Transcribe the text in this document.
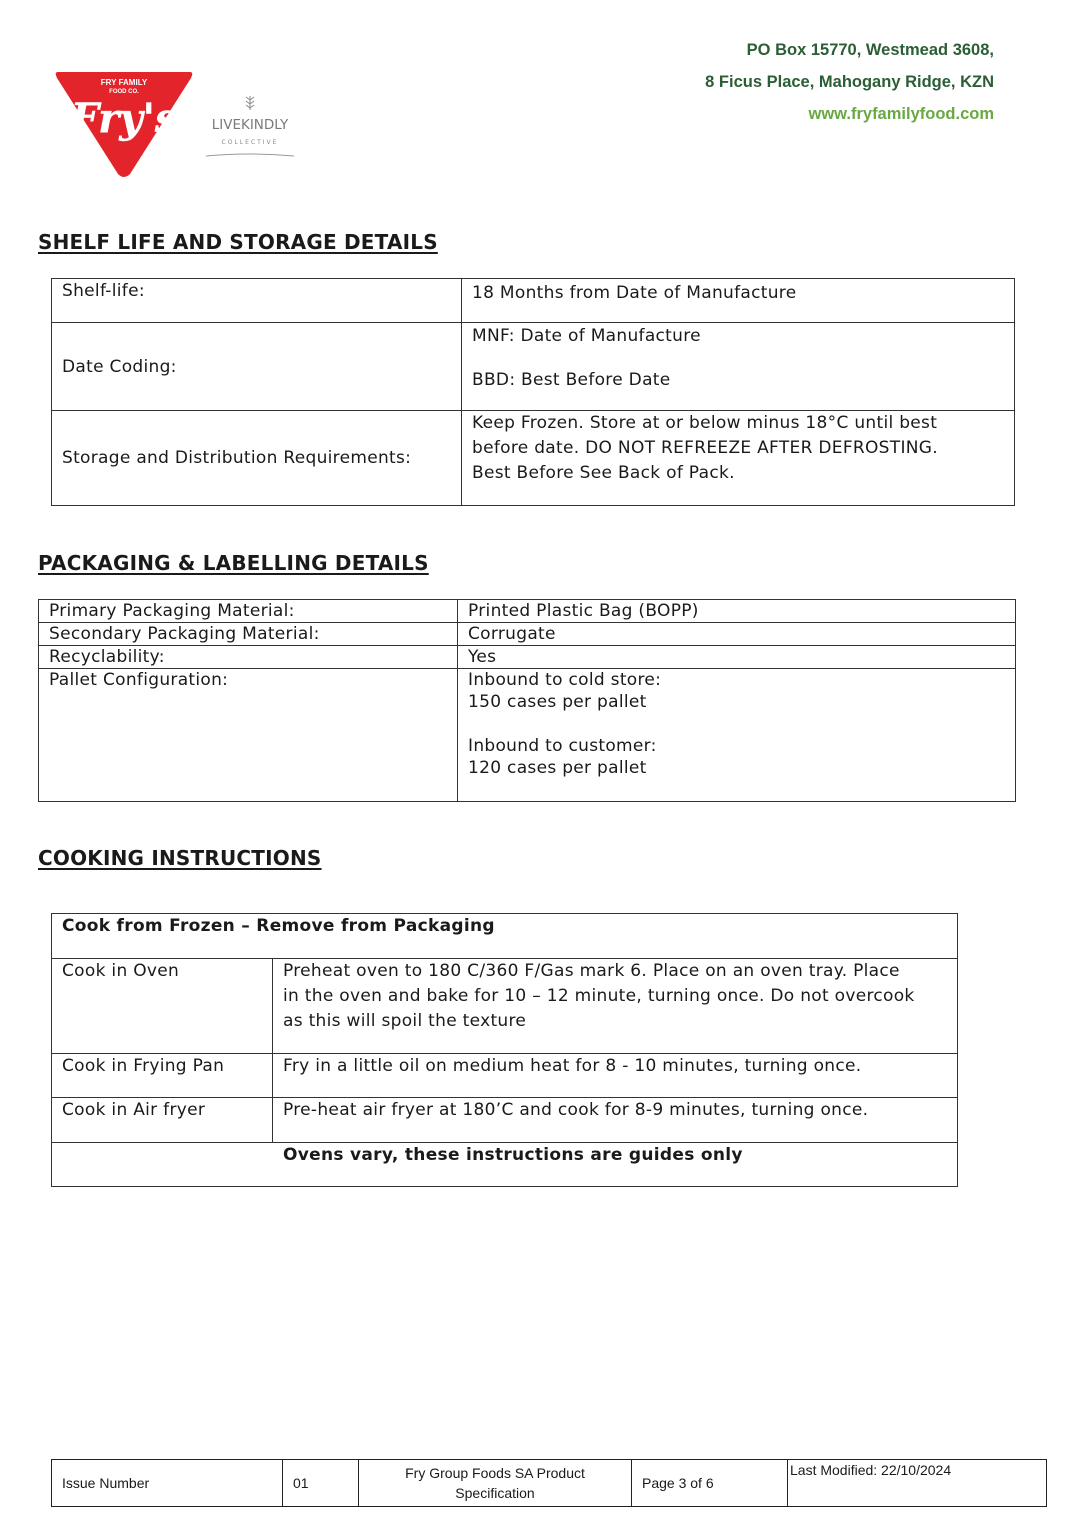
FRY FAMILY
FOOD CO.
Fry's	LIVEKINDLY
COLLECTIVE
PO Box 15770, Westmead 3608,
8 Ficus Place, Mahogany Ridge, KZN
www.fryfamilyfood.com
SHELF LIFE AND STORAGE DETAILS
Shelf-life:	18 Months from Date of Manufacture

Date Coding:	MNF: Date of Manufacture

BBD: Best Before Date

Storage and Distribution Requirements:	Keep Frozen. Store at or below minus 18°C until best

before date. DO NOT REFREEZE AFTER DEFROSTING.

Best Before See Back of Pack.

PACKAGING & LABELLING DETAILS
Primary Packaging Material:	Printed Plastic Bag (BOPP)
Secondary Packaging Material:	Corrugate
Recyclability:	Yes
Pallet Configuration:	Inbound to cold store:
150 cases per pallet
Inbound to customer:
120 cases per pallet
COOKING INSTRUCTIONS
Cook from Frozen – Remove from Packaging	
Cook in Oven	Preheat oven to 180 C/360 F/Gas mark 6. Place on an oven tray. Place
in the oven and bake for 10 – 12 minute, turning once. Do not overcook
as this will spoil the texture

Cook in Frying Pan	Fry in a little oil on medium heat for 8 - 10 minutes, turning once.

Cook in Air fryer	Pre-heat air fryer at 180’C and cook for 8-9 minutes, turning once.

Ovens vary, these instructions are guides only	
Issue Number	01	
Fry Group Foods SA Product
Specification
	Page 3 of 6	Last Modified: 22/10/2024
